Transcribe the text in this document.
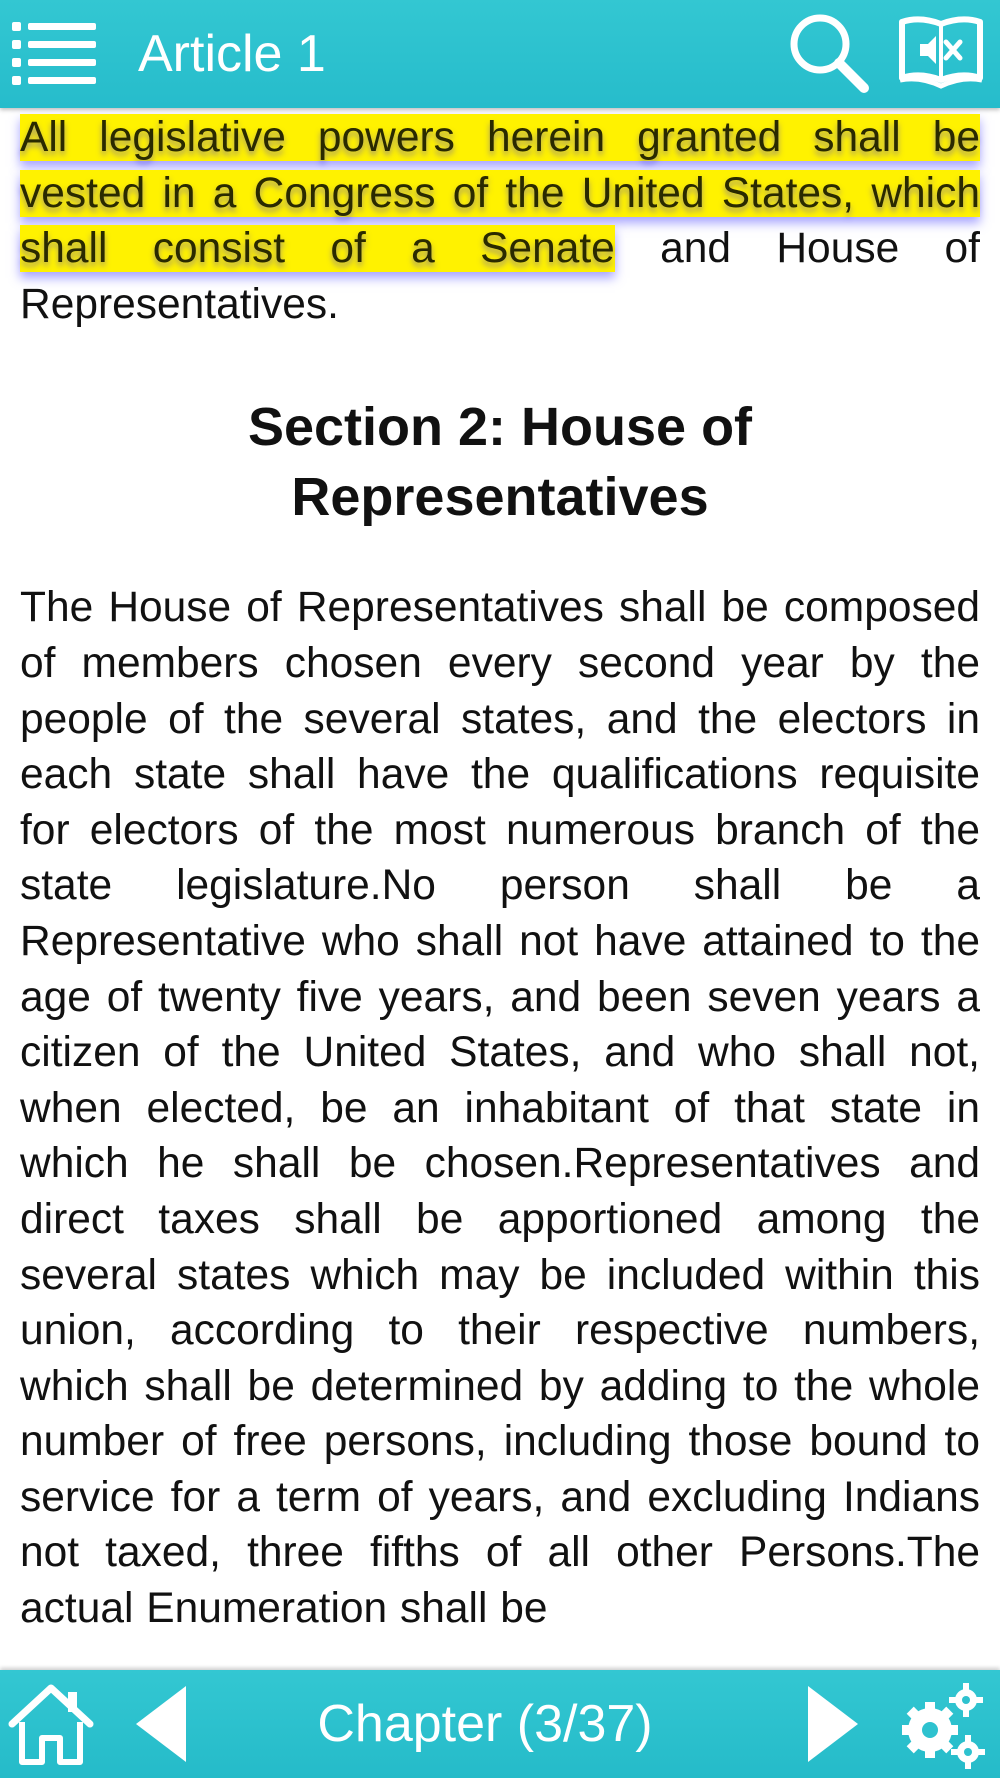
Article 1

All legislative powers herein granted shall be vested in a Congress of the United States, which shall consist of a Senate and House of Representatives.

Section 2: House of Representatives

The House of Representatives shall be composed of members chosen every second year by the people of the several states, and the electors in each state shall have the qualifications requisite for electors of the most numerous branch of the state legislature.No person shall be a Representative who shall not have attained to the age of twenty five years, and been seven years a citizen of the United States, and who shall not, when elected, be an inhabitant of that state in which he shall be chosen.Representatives and direct taxes shall be apportioned among the several states which may be included within this union, according to their respective numbers, which shall be determined by adding to the whole number of free persons, including those bound to service for a term of years, and excluding Indians not taxed, three fifths of all other Persons.The actual Enumeration shall be

Chapter (3/37)
